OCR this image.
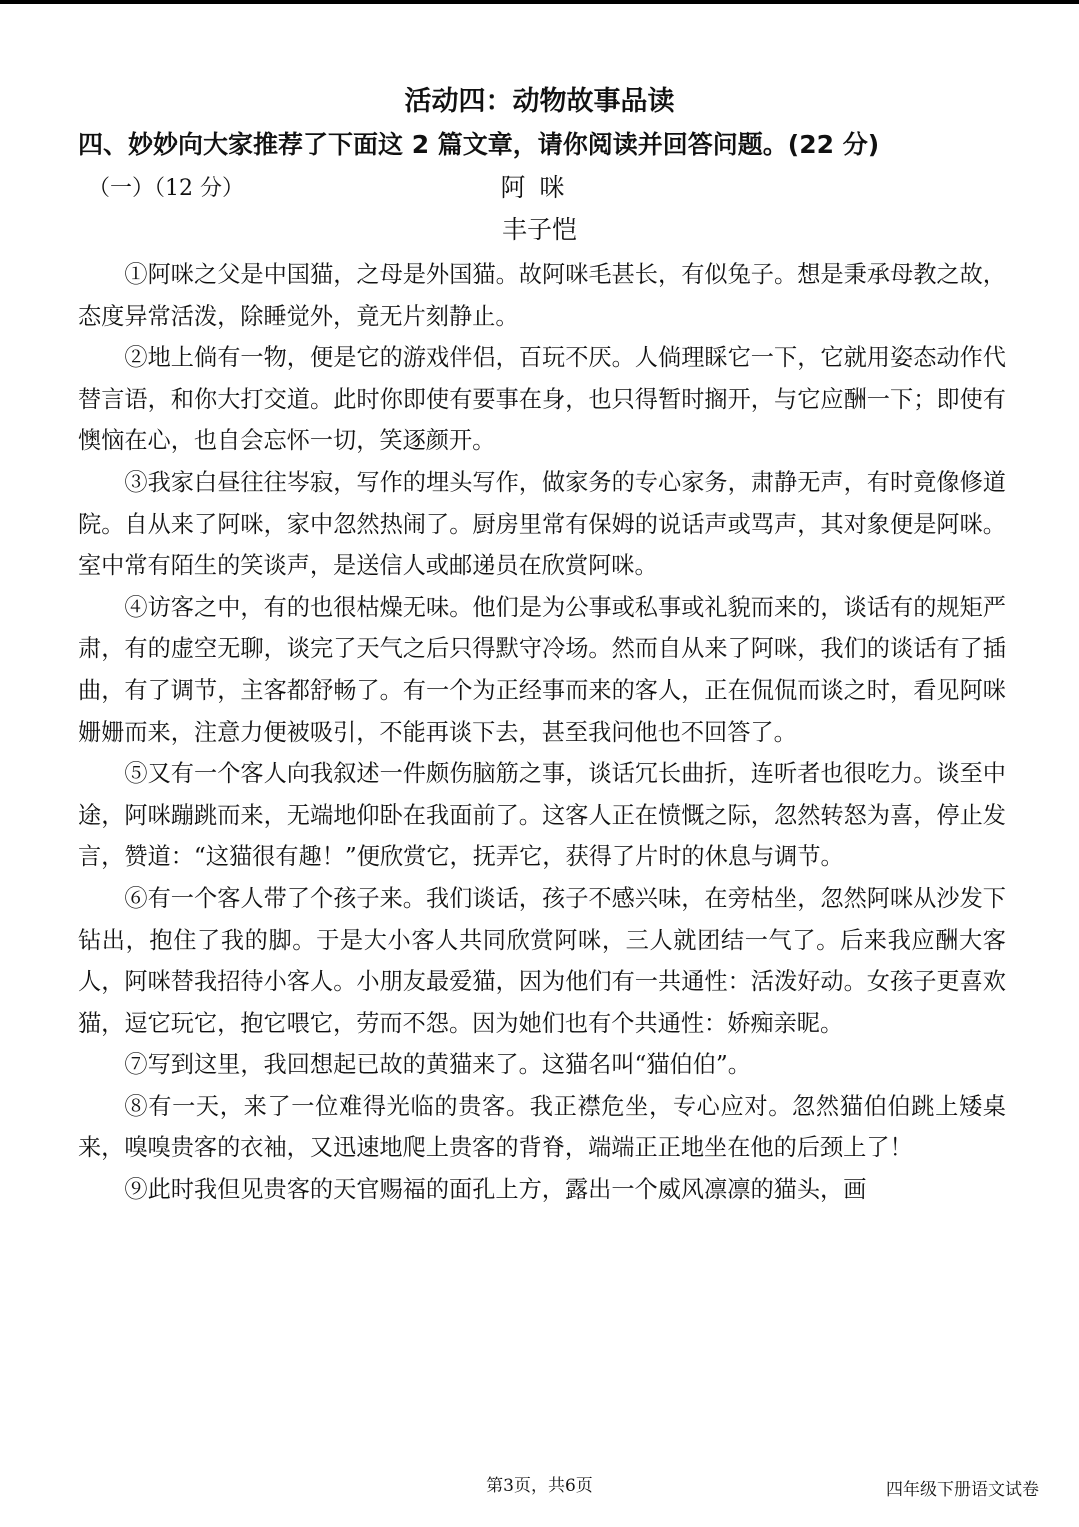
活动四：动物故事品读
四、妙妙向大家推荐了下面这 2 篇文章，请你阅读并回答问题。(22 分)
（一）（12 分）	阿咪
丰子恺

①阿咪之父是中国猫，之母是外国猫。故阿咪毛甚长，有似兔子。想是秉承母教之故，态度异常活泼，除睡觉外，竟无片刻静止。

②地上倘有一物，便是它的游戏伴侣，百玩不厌。人倘理睬它一下，它就用姿态动作代替言语，和你大打交道。此时你即使有要事在身，也只得暂时搁开，与它应酬一下；即使有懊恼在心，也自会忘怀一切，笑逐颜开。

③我家白昼往往岑寂，写作的埋头写作，做家务的专心家务，肃静无声，有时竟像修道院。自从来了阿咪，家中忽然热闹了。厨房里常有保姆的说话声或骂声，其对象便是阿咪。室中常有陌生的笑谈声，是送信人或邮递员在欣赏阿咪。

④访客之中，有的也很枯燥无味。他们是为公事或私事或礼貌而来的，谈话有的规矩严肃，有的虚空无聊，谈完了天气之后只得默守冷场。然而自从来了阿咪，我们的谈话有了插曲，有了调节，主客都舒畅了。有一个为正经事而来的客人，正在侃侃而谈之时，看见阿咪姗姗而来，注意力便被吸引，不能再谈下去，甚至我问他也不回答了。

⑤又有一个客人向我叙述一件颇伤脑筋之事，谈话冗长曲折，连听者也很吃力。谈至中途，阿咪蹦跳而来，无端地仰卧在我面前了。这客人正在愤慨之际，忽然转怒为喜，停止发言，赞道：“这猫很有趣！”便欣赏它，抚弄它，获得了片时的休息与调节。

⑥有一个客人带了个孩子来。我们谈话，孩子不感兴味，在旁枯坐，忽然阿咪从沙发下钻出，抱住了我的脚。于是大小客人共同欣赏阿咪，三人就团结一气了。后来我应酬大客人，阿咪替我招待小客人。小朋友最爱猫，因为他们有一共通性：活泼好动。女孩子更喜欢猫，逗它玩它，抱它喂它，劳而不怨。因为她们也有个共通性：娇痴亲昵。

⑦写到这里，我回想起已故的黄猫来了。这猫名叫“猫伯伯”。

⑧有一天，来了一位难得光临的贵客。我正襟危坐，专心应对。忽然猫伯伯跳上矮桌来，嗅嗅贵客的衣袖，又迅速地爬上贵客的背脊，端端正正地坐在他的后颈上了！

⑨此时我但见贵客的天官赐福的面孔上方，露出一个威风凛凛的猫头，画

第3页，共6页	四年级下册语文试卷
